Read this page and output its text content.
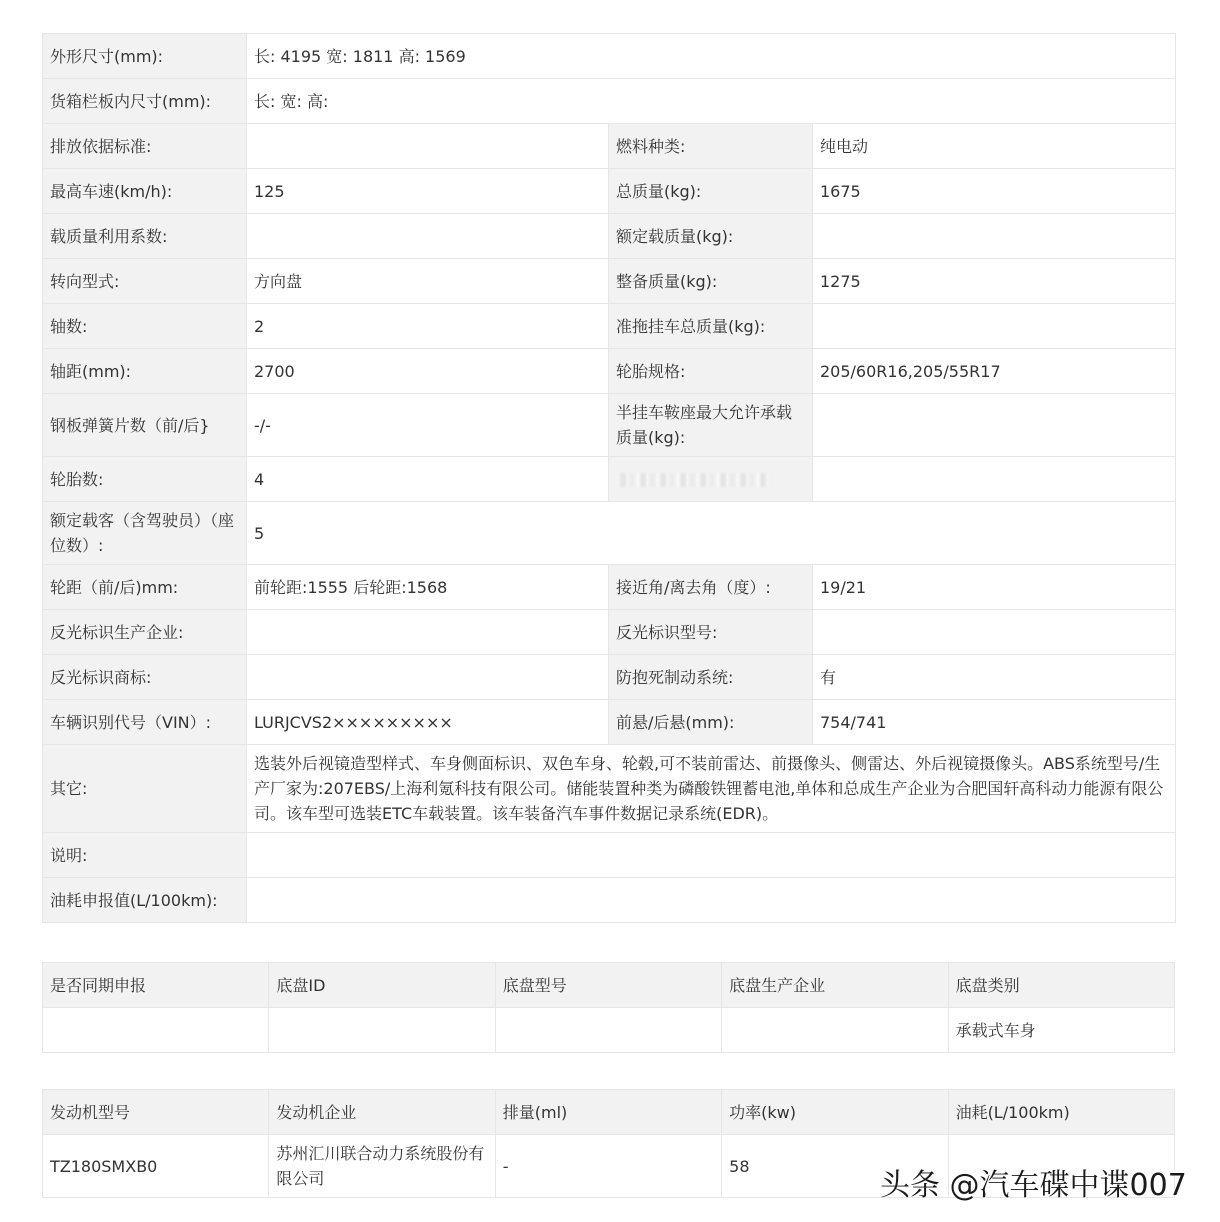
外形尺寸(mm):	长: 4195 宽: 1811 高: 1569		
货箱栏板内尺寸(mm):	长: 宽: 高:		
排放依据标准:		燃料种类:	纯电动
最高车速(km/h):	125	总质量(kg):	1675
载质量利用系数:		额定载质量(kg):	
转向型式:	方向盘	整备质量(kg):	1275
轴数:	2	准拖挂车总质量(kg):	
轴距(mm):	2700	轮胎规格:	205/60R16,205/55R17
钢板弹簧片数（前/后}	-/-	半挂车鞍座最大允许承载质量(kg):	
轮胎数:	4		
额定载客（含驾驶员）（座位数）:	5		
轮距（前/后)mm:	前轮距:1555 后轮距:1568	接近角/离去角（度）:	19/21
反光标识生产企业:		反光标识型号:	
反光标识商标:		防抱死制动系统:	有
车辆识别代号（VIN）:	LURJCVS2×××××××××	前悬/后悬(mm):	754/741
其它:	选装外后视镜造型样式、车身侧面标识、双色车身、轮毂,可不装前雷达、前摄像头、侧雷达、外后视镜摄像头。ABS系统型号/生产厂家为:207EBS/上海利氪科技有限公司。储能装置种类为磷酸铁锂蓄电池,单体和总成生产企业为合肥国轩高科动力能源有限公司。该车型可选装ETC车载装置。该车装备汽车事件数据记录系统(EDR)。		
说明:			
油耗申报值(L/100km):			
是否同期申报	底盘ID	底盘型号	底盘生产企业	底盘类别
				承载式车身
发动机型号	发动机企业	排量(ml)	功率(kw)	油耗(L/100km)
TZ180SMXB0	苏州汇川联合动力系统股份有限公司	-	58	
头条 @汽车碟中谍007
